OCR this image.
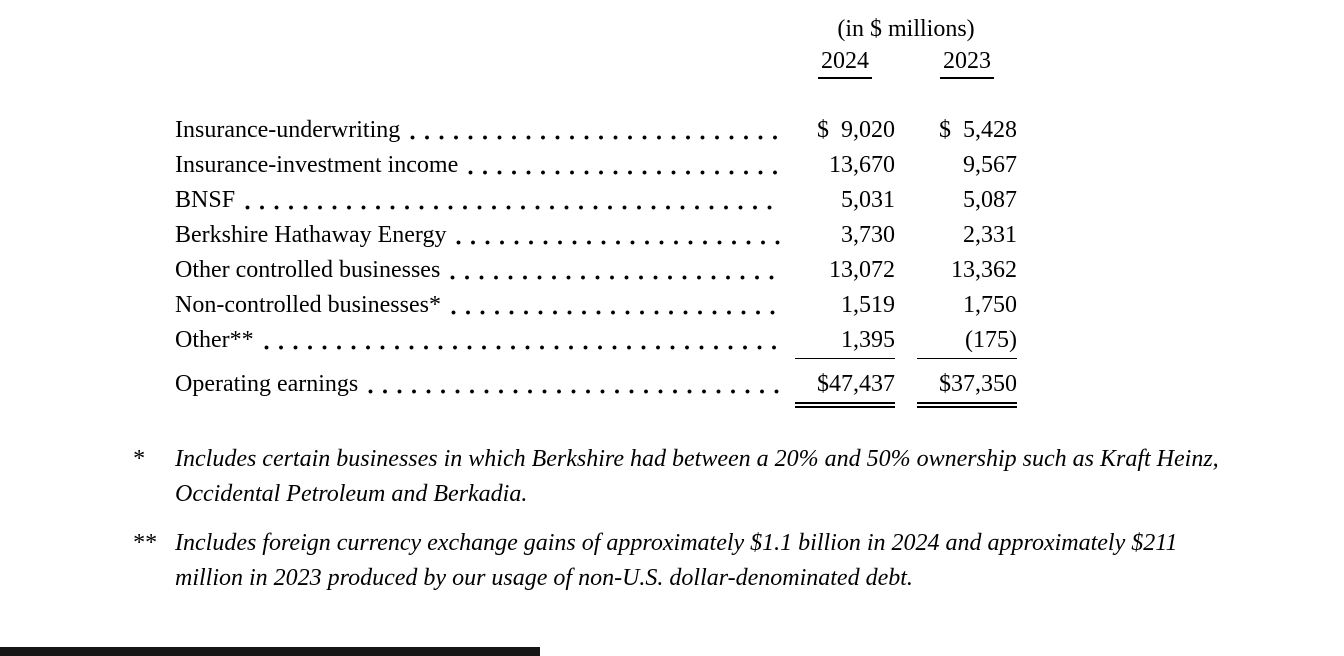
(in $ millions)
2024	2023
Insurance-underwriting	$  9,020	$  5,428
Insurance-investment income	13,670	9,567
BNSF	5,031	5,087
Berkshire Hathaway Energy	3,730	2,331
Other controlled businesses	13,072	13,362
Non-controlled businesses*	1,519	1,750
Other**	1,395	(175)
Operating earnings	$47,437	$37,350
*	Includes certain businesses in which Berkshire had between a 20% and 50% ownership such as Kraft Heinz, Occidental Petroleum and Berkadia.
** Includes foreign currency exchange gains of approximately $1.1 billion in 2024 and approximately $211 million in 2023 produced by our usage of non-U.S. dollar-denominated debt.
